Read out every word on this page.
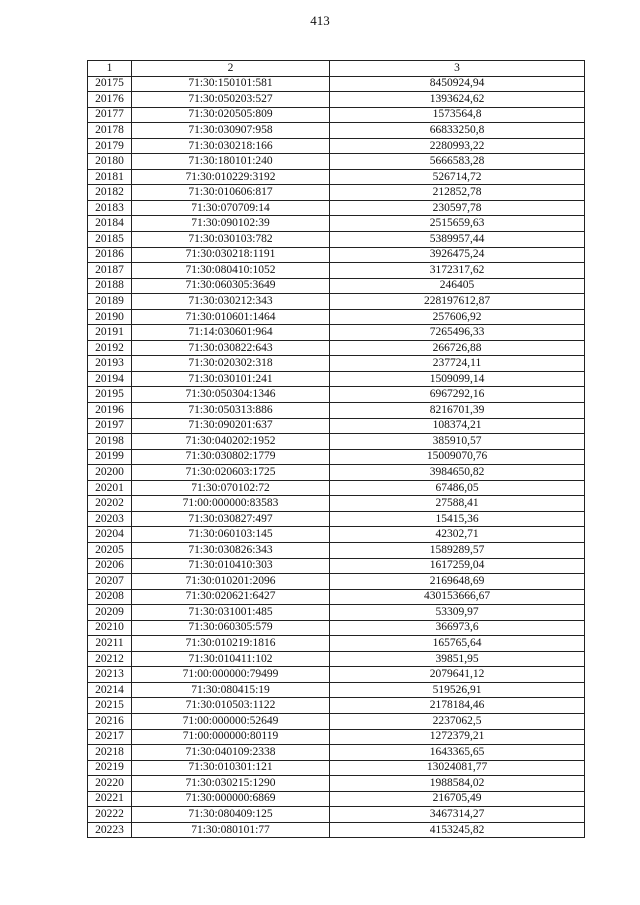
413
1	2	3
20175	71:30:150101:581	8450924,94
20176	71:30:050203:527	1393624,62
20177	71:30:020505:809	1573564,8
20178	71:30:030907:958	66833250,8
20179	71:30:030218:166	2280993,22
20180	71:30:180101:240	5666583,28
20181	71:30:010229:3192	526714,72
20182	71:30:010606:817	212852,78
20183	71:30:070709:14	230597,78
20184	71:30:090102:39	2515659,63
20185	71:30:030103:782	5389957,44
20186	71:30:030218:1191	3926475,24
20187	71:30:080410:1052	3172317,62
20188	71:30:060305:3649	246405
20189	71:30:030212:343	228197612,87
20190	71:30:010601:1464	257606,92
20191	71:14:030601:964	7265496,33
20192	71:30:030822:643	266726,88
20193	71:30:020302:318	237724,11
20194	71:30:030101:241	1509099,14
20195	71:30:050304:1346	6967292,16
20196	71:30:050313:886	8216701,39
20197	71:30:090201:637	108374,21
20198	71:30:040202:1952	385910,57
20199	71:30:030802:1779	15009070,76
20200	71:30:020603:1725	3984650,82
20201	71:30:070102:72	67486,05
20202	71:00:000000:83583	27588,41
20203	71:30:030827:497	15415,36
20204	71:30:060103:145	42302,71
20205	71:30:030826:343	1589289,57
20206	71:30:010410:303	1617259,04
20207	71:30:010201:2096	2169648,69
20208	71:30:020621:6427	430153666,67
20209	71:30:031001:485	53309,97
20210	71:30:060305:579	366973,6
20211	71:30:010219:1816	165765,64
20212	71:30:010411:102	39851,95
20213	71:00:000000:79499	2079641,12
20214	71:30:080415:19	519526,91
20215	71:30:010503:1122	2178184,46
20216	71:00:000000:52649	2237062,5
20217	71:00:000000:80119	1272379,21
20218	71:30:040109:2338	1643365,65
20219	71:30:010301:121	13024081,77
20220	71:30:030215:1290	1988584,02
20221	71:30:000000:6869	216705,49
20222	71:30:080409:125	3467314,27
20223	71:30:080101:77	4153245,82
